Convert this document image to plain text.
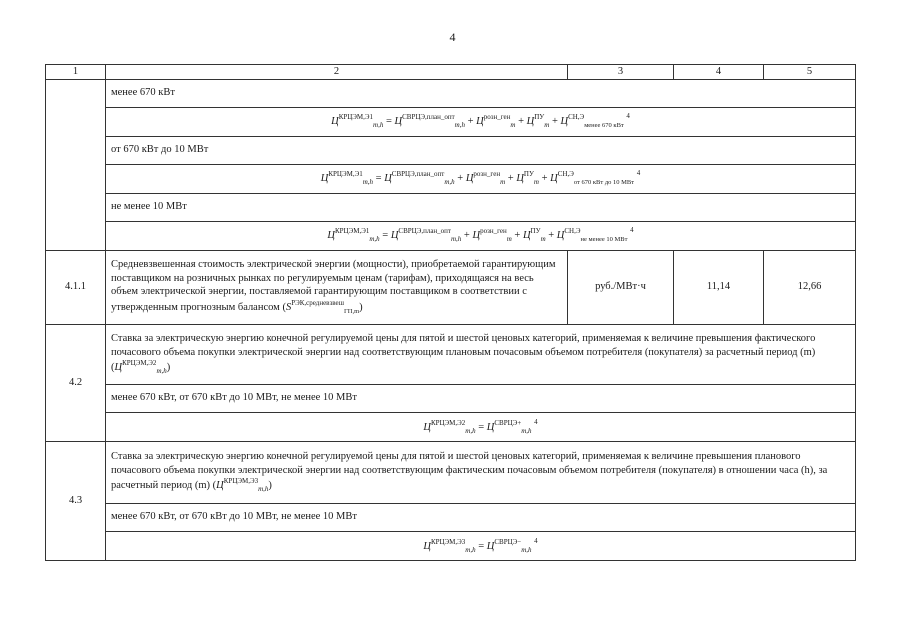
4
1	2	3	4	5
	менее 670 кВт			
	$Ц^{КРЦЭМ,Э1}_{m,h} = Ц^{СВРЦЭ,план\_опт}_{m,h} + Ц^{розн\_ген}_m + Ц^{ПУ}_m + Ц^{СН,Э}_{менее 670 кВт}$ $^4$
	от 670 кВт до 10 МВт			
	$Ц^{КРЦЭМ,Э1}_{m,h} = Ц^{СВРЦЭ,план\_опт}_{m,h} + Ц^{розн\_ген}_m + Ц^{ПУ}_m + Ц^{СН,Э}_{от 670 кВт до 10 МВт}$ $^4$
	не менее 10 МВт			
	$Ц^{КРЦЭМ,Э1}_{m,h} = Ц^{СВРЦЭ,план\_опт}_{m,h} + Ц^{розн\_ген}_m + Ц^{ПУ}_m + Ц^{СН,Э}_{не менее 10 МВт}$ $^4$
4.1.1	Средневзвешенная стоимость электрической энергии (мощности), приобретаемой гарантирующим поставщиком на розничных рынках по регулируемым ценам (тарифам), приходящаяся на весь объем электрической энергии, поставляемой гарантирующим поставщиком в соответствии с утвержденным прогнозным балансом $(S^{РЭК,средневзвеш}_{ГП,m})$	руб./МВт·ч	11,14	12,66
4.2	Ставка за электрическую энергию конечной регулируемой цены для пятой и шестой ценовых категорий, применяемая к величине превышения фактического почасового объема покупки электрической энергии над соответствующим плановым почасовым объемом потребителя (покупателя) за расчетный период (m) $(Ц^{КРЦЭМ,Э2}_{m,h})$			
	менее 670 кВт, от 670 кВт до 10 МВт, не менее 10 МВт			
	$Ц^{КРЦЭМ,Э2}_{m,h} = Ц^{СВРЦЭ+}_{m,h}$ $^4$
4.3	Ставка за электрическую энергию конечной регулируемой цены для пятой и шестой ценовых категорий, применяемая к величине превышения планового почасового объема покупки электрической энергии над соответствующим фактическим почасовым объемом потребителя (покупателя) в отношении часа (h), за расчетный период (m) $(Ц^{КРЦЭМ,Э3}_{m,h})$			
	менее 670 кВт, от 670 кВт до 10 МВт, не менее 10 МВт			
	$Ц^{КРЦЭМ,Э3}_{m,h} = Ц^{СВРЦЭ-}_{m,h}$ $^4$
